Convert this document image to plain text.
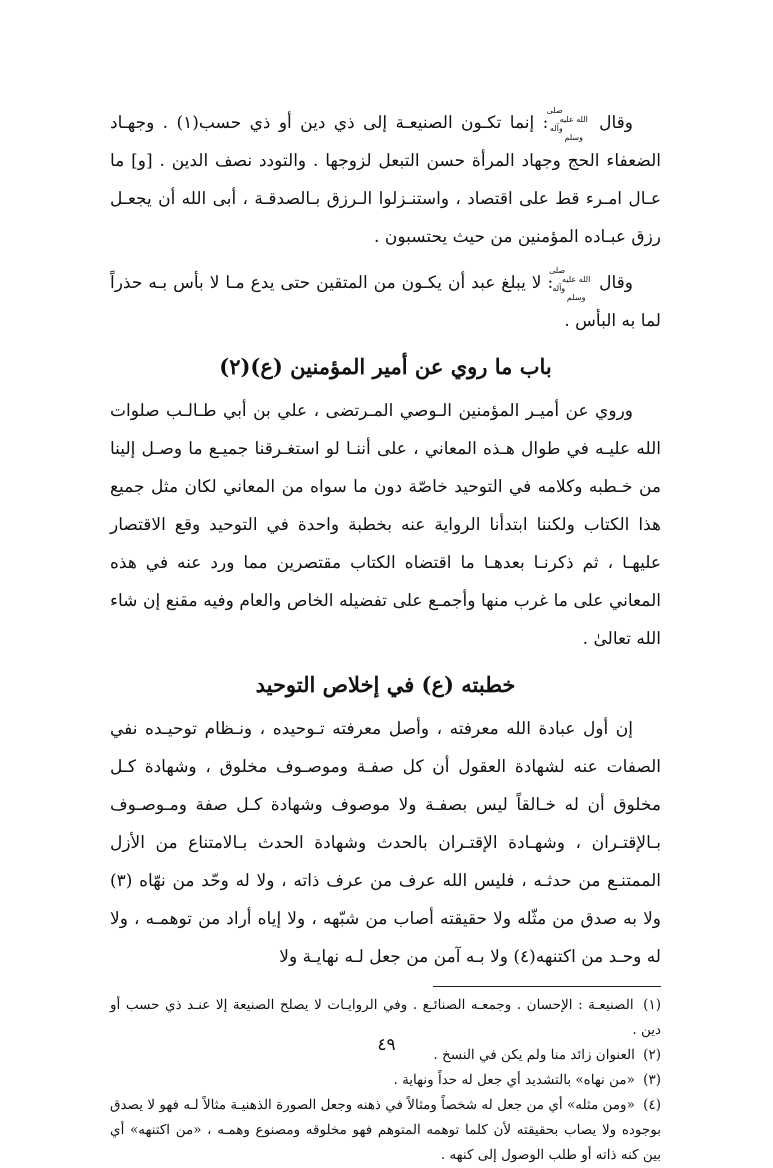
وقال
صلى الله عليه
وآله وسلم
: إنما تكـون الصنيعـة إلى ذي دين أو ذي حسب(١) . وجهـاد الضعفاء الحج وجهاد المرأة حسن التبعل لزوجها . والتودد نصف الدين . [و] ما عـال امـرء قط على اقتصاد ، واستنـزلوا الـرزق بـالصدقـة ، أبى الله أن يجعـل رزق عبـاده المؤمنين من حيث يحتسبون .

وقال
صلى الله عليه
وآله وسلم
: لا يبلغ عبد أن يكـون من المتقين حتى يدع مـا لا بأس بـه حذراً لما به البأس .

باب ما روي عن أمير المؤمنين (ع)(٢)

وروي عن أميـر المؤمنين الـوصي المـرتضى ، علي بن أبي طـالـب صلوات الله عليـه في طوال هـذه المعاني ، على أننـا لو استغـرقنا جميـع ما وصـل إلينا من خـطبه وكلامه في التوحيد خاصّة دون ما سواه من المعاني لكان مثل جميع هذا الكتاب ولكننا ابتدأنا الرواية عنه بخطبة واحدة في التوحيد وقع الاقتصار عليهـا ، ثم ذكرنـا بعدهـا ما اقتضاه الكتاب مقتصرين مما ورد عنه في هذه المعاني على ما غرب منها وأجمـع على تفضيله الخاص والعام وفيه مقنع إن شاء الله تعالىٰ .

خطبته (ع) في إخلاص التوحيد

إن أول عبادة الله معرفته ، وأصل معرفته تـوحيده ، ونـظام توحيـده نفي الصفات عنه لشهادة العقول أن كل صفـة وموصـوف مخلوق ، وشهادة كـل مخلوق أن له خـالقاً ليس بصفـة ولا موصوف وشهادة كـل صفة ومـوصـوف بـالإقتـران ، وشهـادة الإقتـران بالحدث وشهادة الحدث بـالامتناع من الأزل الممتنـع من حدثـه ، فليس الله عرف من عرف ذاته ، ولا له وحّد من نهّاه (٣) ولا به صدق من مثّله ولا حقيقته أصاب من شبّهه ، ولا إياه أراد من توهمـه ، ولا له وحـد من اكتنهه(٤) ولا بـه آمن من جعل لـه نهايـة ولا

(١) الصنيعـة : الإحسان . وجمعـه الصنائـع . وفي الروايـات لا يصلح الصنيعة إلا عنـد ذي حسب أو دين .

(٢) العنوان زائد منا ولم يكن في النسخ .

(٣) «من نهاه» بالتشديد أي جعل له حداً ونهاية .

(٤) «ومن مثله» أي من جعل له شخصاً ومثالاً في ذهنه وجعل الصورة الذهنيـة مثالاً لـه فهو لا يصدق بوجوده ولا يصاب بحقيقته لأن كلما توهمه المتوهم فهو مخلوقه ومصنوع وهمـه ، «من اكتنهه» أي بين كنه ذاته أو طلب الوصول إلى كنهه .

٤٩
